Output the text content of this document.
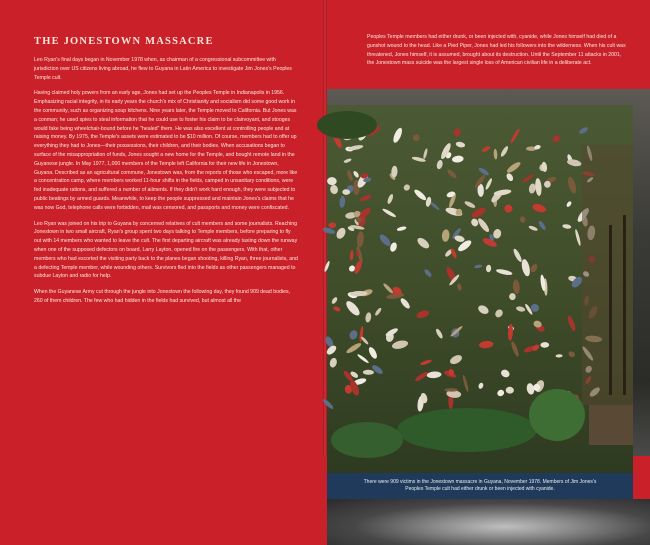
THE JONESTOWN MASSACRE

Leo Ryan's final days began in November 1978 when, as chairman of a congressional subcommittee with jurisdiction over US citizens living abroad, he flew to Guyana in Latin America to investigate Jim Jones's Peoples Temple cult.

Having claimed holy powers from an early age, Jones had set up the Peoples Temple in Indianapolis in 1956. Emphasizing racial integrity, in its early years the church's mix of Christianity and socialism did some good work in the community, such as organizing soup kitchens. Nine years later, the Temple moved to California. But Jones was a conman; he used spies to steal information that he could use to foster his claim to be clairvoyant, and stooges would fake being wheelchair-bound before he "healed" them. He was also excellent at controlling people and at raising money. By 1975, the Temple's assets were estimated to be $10 million. Of course, members had to offer up everything they had to Jones—their possessions, their children, and their bodies. When accusations began to surface of the misappropriation of funds, Jones sought a new home for the Temple, and bought remote land in the Guyanese jungle. In May 1977, 1,000 members of the Temple left California for their new life in Jonestown, Guyana. Described as an agricultural commune, Jonestown was, from the reports of those who escaped, more like a concentration camp, where members worked 11-hour shifts in the fields, camped in unsanitary conditions, were fed inadequate rations, and suffered a number of ailments. If they didn't work hard enough, they were subjected to public beatings by armed guards. Meanwhile, to keep the people suppressed and maintain Jones's claims that he was now God, telephone calls were forbidden, mail was censored, and passports and money were confiscated.

Leo Ryan was joined on his trip to Guyana by concerned relatives of cult members and some journalists. Reaching Jonestown in two small aircraft, Ryan's group spent two days talking to Temple members, before preparing to fly out with 14 members who wanted to leave the cult. The first departing aircraft was already taxiing down the runway when one of the supposed defectors on board, Larry Layton, opened fire on the passengers. With that, other members who had escorted the visiting party back to the planes began shooting, killing Ryan, three journalists, and a defecting Temple member, while wounding others. Survivors fled into the fields as other passengers managed to subdue Layton and radio for help.

When the Guyanese Army cut through the jungle into Jonestown the following day, they found 909 dead bodies, 260 of them children. The few who had hidden in the fields had survived, but almost all the

Peoples Temple members had either drunk, or been injected with, cyanide, while Jones himself had died of a gunshot wound to the head. Like a Pied Piper, Jones had led his followers into the wilderness. When his cult was threatened, Jones himself, it is assumed, brought about its destruction. Until the September 11 attacks in 2001, the Jonestown mass suicide was the largest single loss of American civilian life in a deliberate act.

There were 909 victims in the Jonestown massacre in Guyana, November 1978. Members of Jim Jones's Peoples Temple cult had either drunk or been injected with cyanide.
